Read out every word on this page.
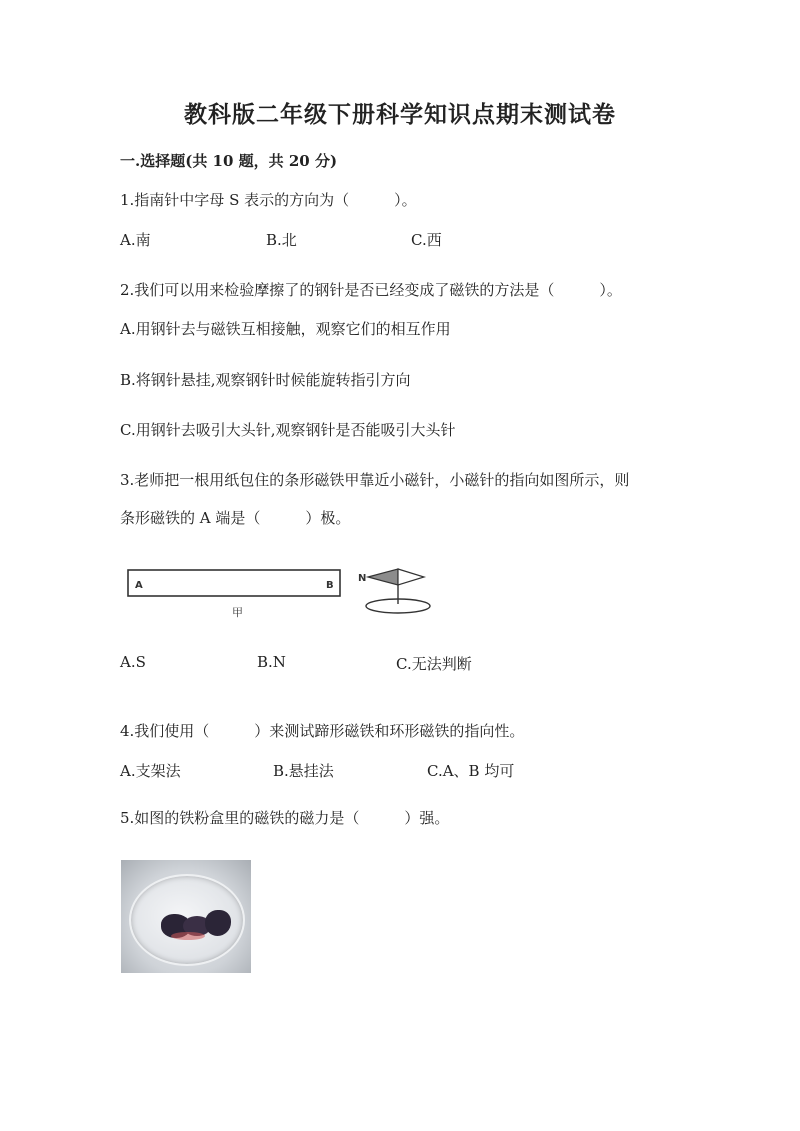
教科版二年级下册科学知识点期末测试卷
一.选择题(共 10 题，共 20 分)
1.指南针中字母 S 表示的方向为（　　　）。
A.南	B.北	C.西
2.我们可以用来检验摩擦了的钢针是否已经变成了磁铁的方法是（　　　）。
A.用钢针去与磁铁互相接触，观察它们的相互作用
B.将钢针悬挂,观察钢针时候能旋转指引方向
C.用钢针去吸引大头针,观察钢针是否能吸引大头针
3.老师把一根用纸包住的条形磁铁甲靠近小磁针，小磁针的指向如图所示，则
条形磁铁的 A 端是（　　　）极。
A	B
甲
N
A.S	B.N	C.无法判断
4.我们使用（　　　）来测试蹄形磁铁和环形磁铁的指向性。
A.支架法	B.悬挂法	C.A、B 均可
5.如图的铁粉盒里的磁铁的磁力是（　　　）强。
